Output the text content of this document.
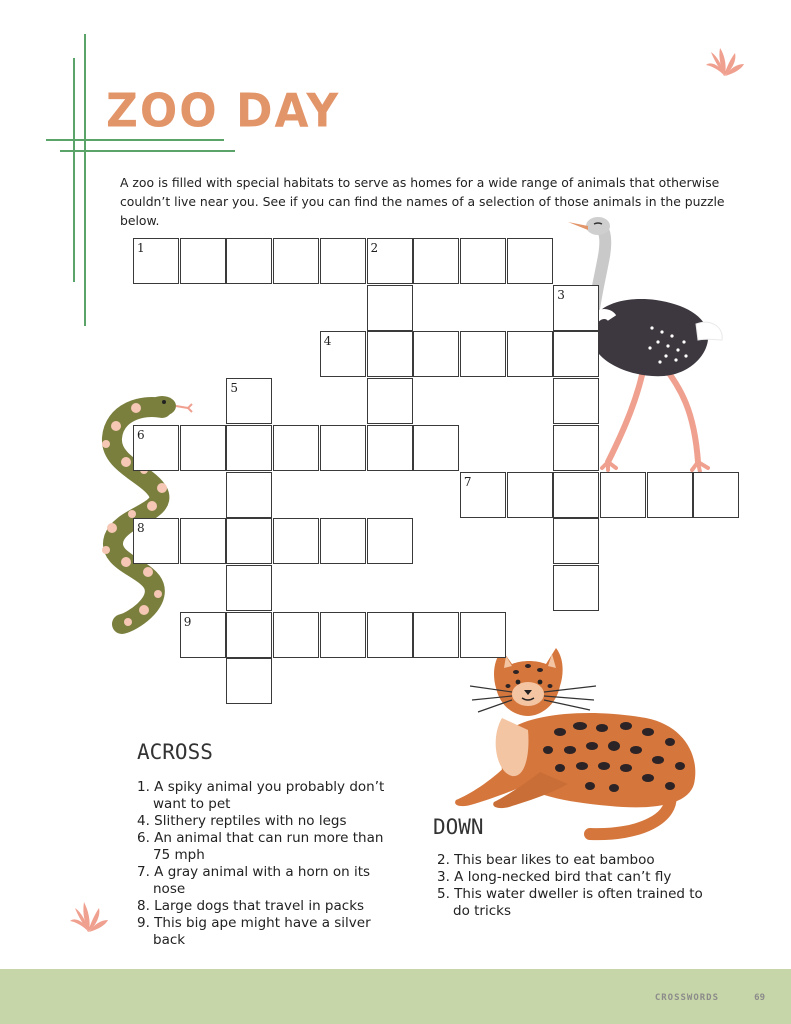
ZOO DAY
A zoo is filled with special habitats to serve as homes for a wide range of animals that otherwise couldn’t live near you. See if you can find the names of a selection of those animals in the puzzle below.
ACROSS
1. A spiky animal you probably don’t want to pet
4. Slithery reptiles with no legs
6. An animal that can run more than 75 mph
7. A gray animal with a horn on its nose
8. Large dogs that travel in packs
9. This big ape might have a silver back
DOWN
2. This bear likes to eat bamboo
3. A long-necked bird that can’t fly
5. This water dweller is often trained to do tricks
CROSSWORDS	69
1	2
3
4
5
6
7
8
9
